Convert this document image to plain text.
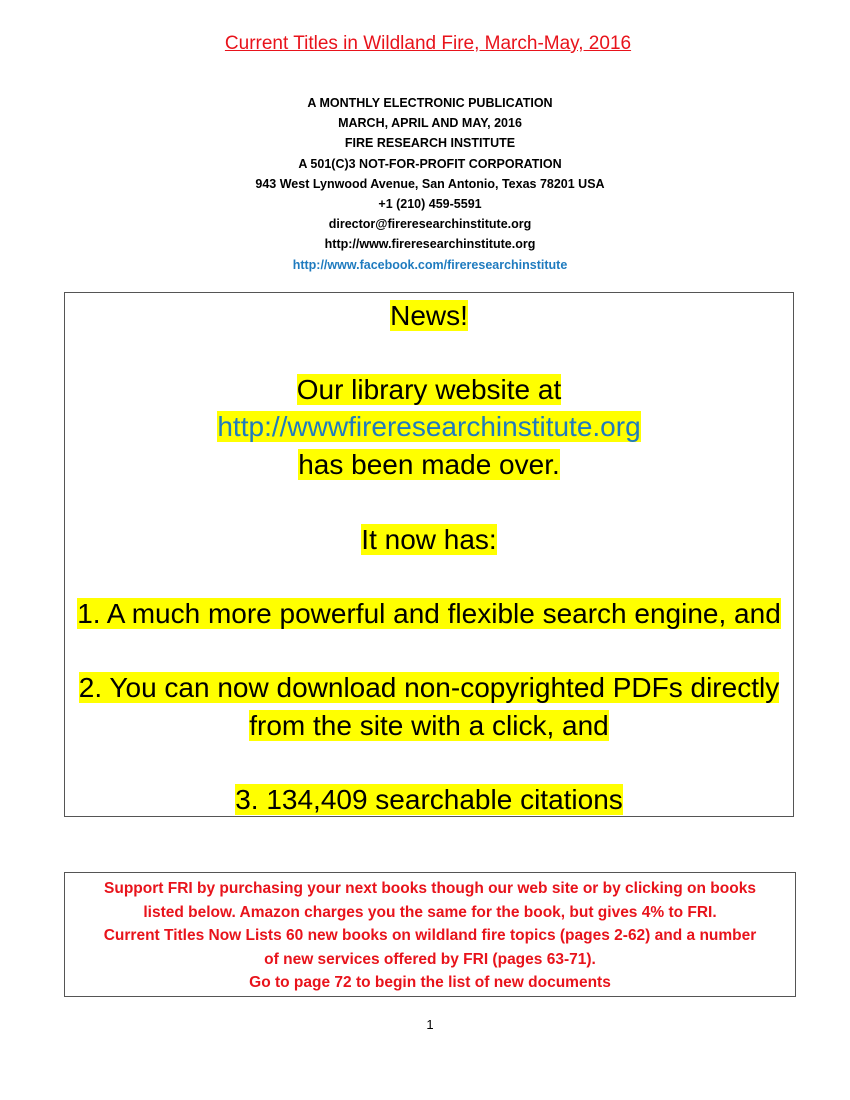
Current Titles in Wildland Fire, March-May, 2016
A MONTHLY ELECTRONIC PUBLICATION
MARCH, APRIL AND MAY, 2016
FIRE RESEARCH INSTITUTE
A 501(C)3 NOT-FOR-PROFIT CORPORATION
943 West Lynwood Avenue, San Antonio, Texas 78201 USA
+1 (210) 459-5591
director@fireresearchinstitute.org
http://www.fireresearchinstitute.org
http://www.facebook.com/fireresearchinstitute
News!
Our library website at
http://wwwfireresearchinstitute.org
has been made over.
It now has:
1. A much more powerful and flexible search engine, and
2. You can now download non-copyrighted PDFs directly
from the site with a click, and
3. 134,409 searchable citations
Support FRI by purchasing your next books though our web site or by clicking on books
listed below. Amazon charges you the same for the book, but gives 4% to FRI.
Current Titles Now Lists 60 new books on wildland fire topics (pages 2-62) and a number
of new services offered by FRI (pages 63-71).
Go to page 72 to begin the list of new documents
1
